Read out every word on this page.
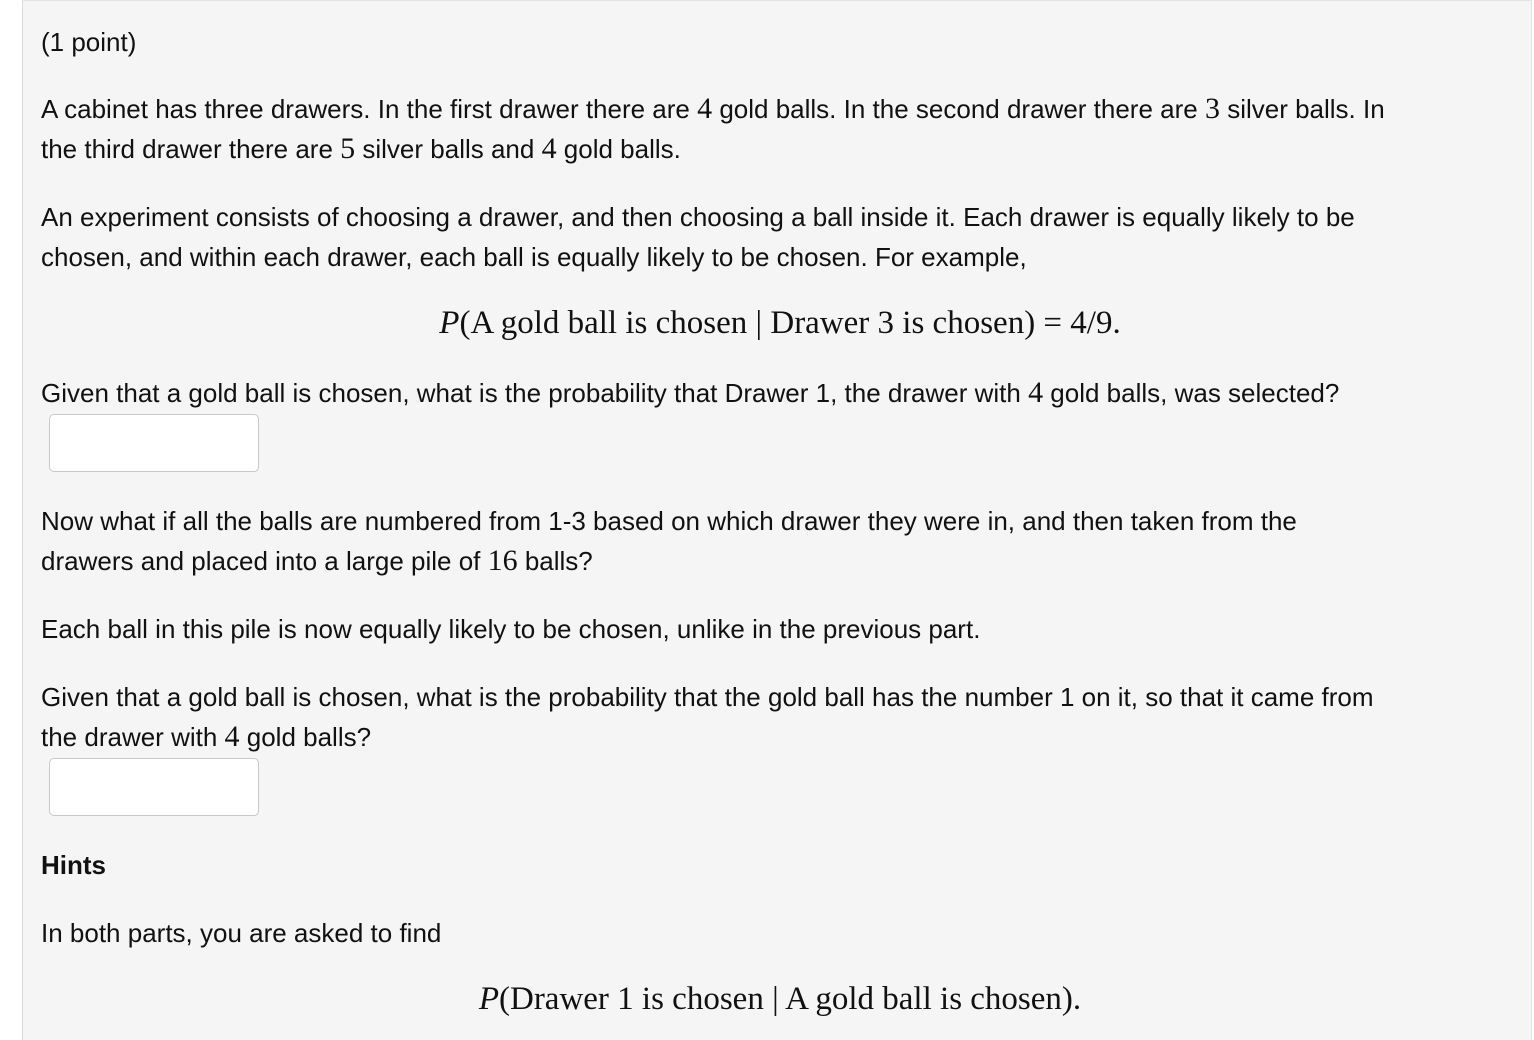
(1 point)

A cabinet has three drawers. In the first drawer there are 4 gold balls. In the second drawer there are 3 silver balls. In

the third drawer there are 5 silver balls and 4 gold balls.

An experiment consists of choosing a drawer, and then choosing a ball inside it. Each drawer is equally likely to be

chosen, and within each drawer, each ball is equally likely to be chosen. For example,

P(A gold ball is chosen | Drawer 3 is chosen) = 4/9.

Given that a gold ball is chosen, what is the probability that Drawer 1, the drawer with 4 gold balls, was selected?

Now what if all the balls are numbered from 1-3 based on which drawer they were in, and then taken from the

drawers and placed into a large pile of 16 balls?

Each ball in this pile is now equally likely to be chosen, unlike in the previous part.

Given that a gold ball is chosen, what is the probability that the gold ball has the number 1 on it, so that it came from

the drawer with 4 gold balls?

Hints

In both parts, you are asked to find

P(Drawer 1 is chosen | A gold ball is chosen).
